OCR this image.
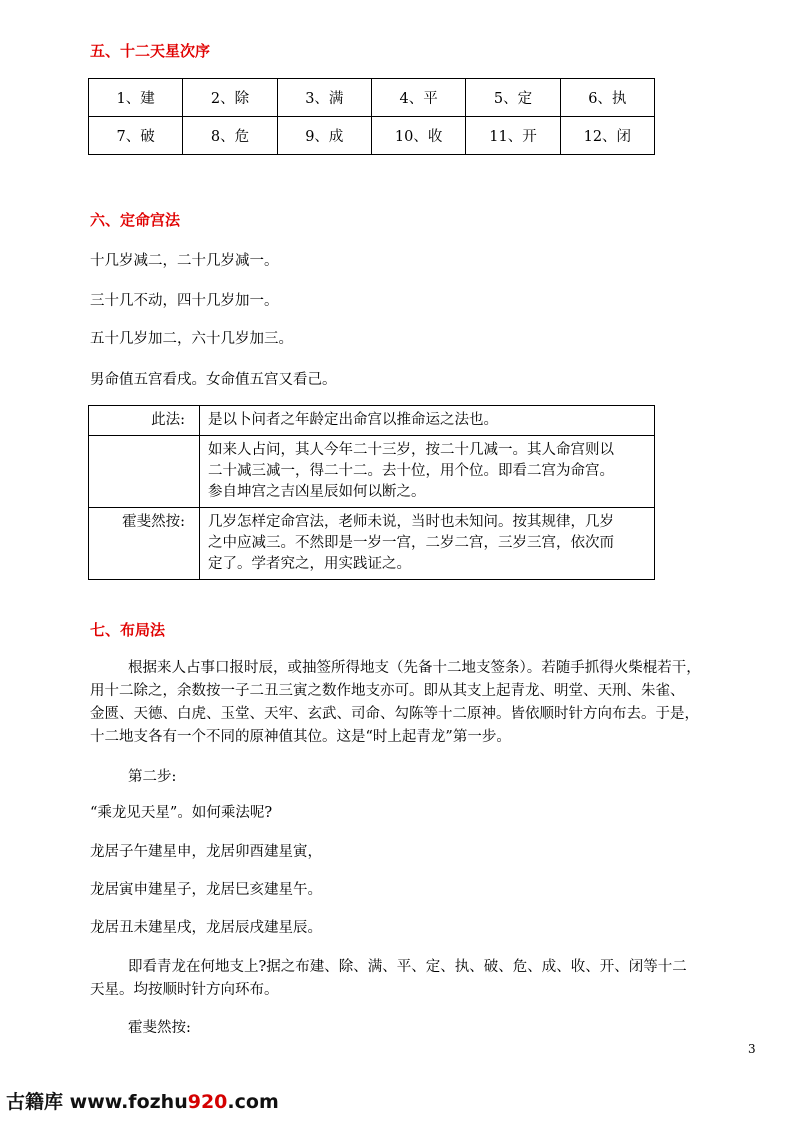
五、十二天星次序
1、建	2、除	3、满	4、平	5、定	6、执
7、破	8、危	9、成	10、收	11、开	12、闭
六、定命宫法
十几岁减二，二十几岁减一。
三十几不动，四十几岁加一。
五十几岁加二，六十几岁加三。
男命值五宫看戌。女命值五宫又看己。
此法:	是以卜问者之年龄定出命宫以推命运之法也。

	如来人占问，其人今年二十三岁，按二十几减一。其人命宫则以
二十减三减一，得二十二。去十位，用个位。即看二宫为命宫。
参自坤宫之吉凶星辰如何以断之。

霍斐然按:	几岁怎样定命宫法，老师未说，当时也未知问。按其规律，几岁
之中应减三。不然即是一岁一宫，二岁二宫，三岁三宫，依次而
定了。学者究之，用实践证之。
七、布局法
根据来人占事口报时辰，或抽签所得地支（先备十二地支签条）。若随手抓得火柴棍若干，
用十二除之，余数按一子二丑三寅之数作地支亦可。即从其支上起青龙、明堂、天刑、朱雀、
金匮、天德、白虎、玉堂、天牢、玄武、司命、勾陈等十二原神。皆依顺时针方向布去。于是，
十二地支各有一个不同的原神值其位。这是“时上起青龙”第一步。
第二步:
“乘龙见天星”。如何乘法呢?
龙居子午建星申，龙居卯酉建星寅，
龙居寅申建星子，龙居巳亥建星午。
龙居丑未建星戌，龙居辰戌建星辰。
即看青龙在何地支上?据之布建、除、满、平、定、执、破、危、成、收、开、闭等十二
天星。均按顺时针方向环布。
霍斐然按:
3
古籍库 www.fozhu920.com
